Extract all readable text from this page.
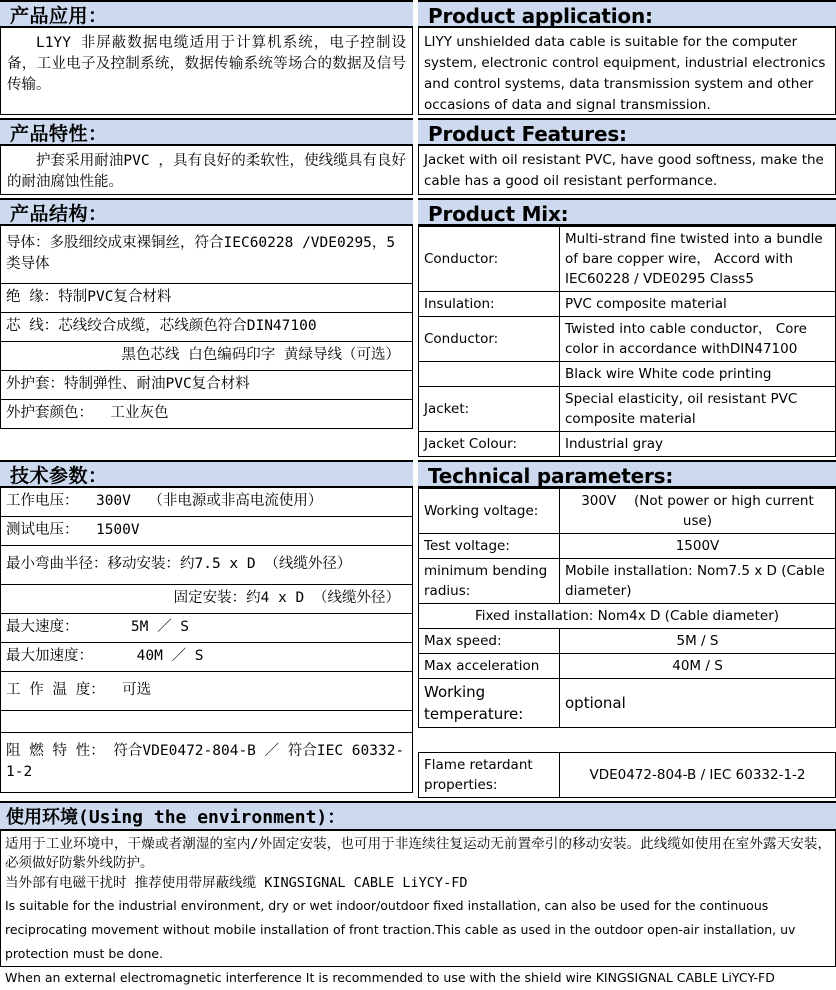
产品应用：
L1YY 非屏蔽数据电缆适用于计算机系统，电子控制设备，工业电子及控制系统，数据传输系统等场合的数据及信号传输。
Product application:
LIYY unshielded data cable is suitable for the computer system, electronic control equipment, industrial electronics and control systems, data transmission system and other occasions of data and signal transmission.
产品特性：
护套采用耐油PVC ，具有良好的柔软性，使线缆具有良好的耐油腐蚀性能。
Product Features:
Jacket with oil resistant PVC, have good softness, make the cable has a good oil resistant performance.
产品结构：
导体：多股细绞成束裸铜丝，符合IEC60228 /VDE0295，5类导体
绝 缘：特制PVC复合材料
芯 线：芯线绞合成缆，芯线颜色符合DIN47100
黑色芯线 白色编码印字 黄绿导线（可选）
外护套：特制弹性、耐油PVC复合材料
外护套颜色：  工业灰色
Product Mix:
Conductor:	Multi-strand fine twisted into a bundle of bare copper wire， Accord with IEC60228 / VDE0295 Class5
Insulation:	PVC composite material
Conductor:	Twisted into cable conductor， Core color in accordance withDIN47100
	Black wire White code printing
Jacket:	Special elasticity, oil resistant PVC composite material
Jacket Colour:	Industrial gray
技术参数：
工作电压：  300V  （非电源或非高电流使用）
测试电压：  1500V
最小弯曲半径：移动安装：约7.5 x D （线缆外径）
固定安装：约4 x D （线缆外径）
最大速度：      5M ／ S
最大加速度：     40M ／ S
工 作 温 度：  可选
阻 燃 特 性： 符合VDE0472-804-B ／ 符合IEC 60332-1-2
Technical parameters:
Working voltage:	300V　 (Not power or high current use)
Test voltage:	1500V
minimum bending radius:	Mobile installation: Nom7.5 x D (Cable diameter)
Fixed installation: Nom4x D (Cable diameter)	
Max speed:	5M / S
Max acceleration	40M / S
Working temperature:	optional

Flame retardant properties:	VDE0472-804-B / IEC 60332-1-2
使用环境(Using the environment)：
适用于工业环境中，干燥或者潮湿的室内/外固定安装，也可用于非连续往复运动无前置牵引的移动安装。此线缆如使用在室外露天安装，必须做好防紫外线防护。
当外部有电磁干扰时 推荐使用带屏蔽线缆 KINGSIGNAL CABLE LiYCY-FD
Is suitable for the industrial environment, dry or wet indoor/outdoor fixed installation, can also be used for the continuous reciprocating movement without mobile installation of front traction.This cable as used in the outdoor open-air installation, uv protection must be done.
When an external electromagnetic interference It is recommended to use with the shield wire KINGSIGNAL CABLE LiYCY-FD
